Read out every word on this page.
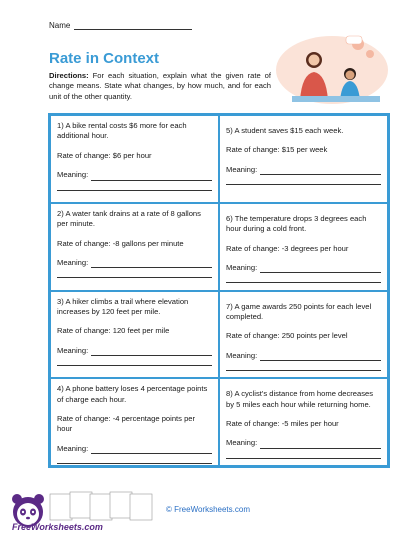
Name
Rate in Context
Directions: For each situation, explain what the given rate of change means. State what changes, by how much, and for each unit of the other quantity.
1) A bike rental costs $6 more for each additional hour.
Rate of change: $6 per hour
Meaning:
5) A student saves $15 each week.
Rate of change: $15 per week
Meaning:
2) A water tank drains at a rate of 8 gallons per minute.
Rate of change: -8 gallons per minute
Meaning:
6) The temperature drops 3 degrees each hour during a cold front.
Rate of change: -3 degrees per hour
Meaning:
3) A hiker climbs a trail where elevation increases by 120 feet per mile.
Rate of change: 120 feet per mile
Meaning:
7) A game awards 250 points for each level completed.
Rate of change: 250 points per level
Meaning:
4) A phone battery loses 4 percentage points of charge each hour.
Rate of change: -4 percentage points per hour
Meaning:
8) A cyclist's distance from home decreases by 5 miles each hour while returning home.
Rate of change: -5 miles per hour
Meaning:
FreeWorksheets.com
© FreeWorksheets.com
